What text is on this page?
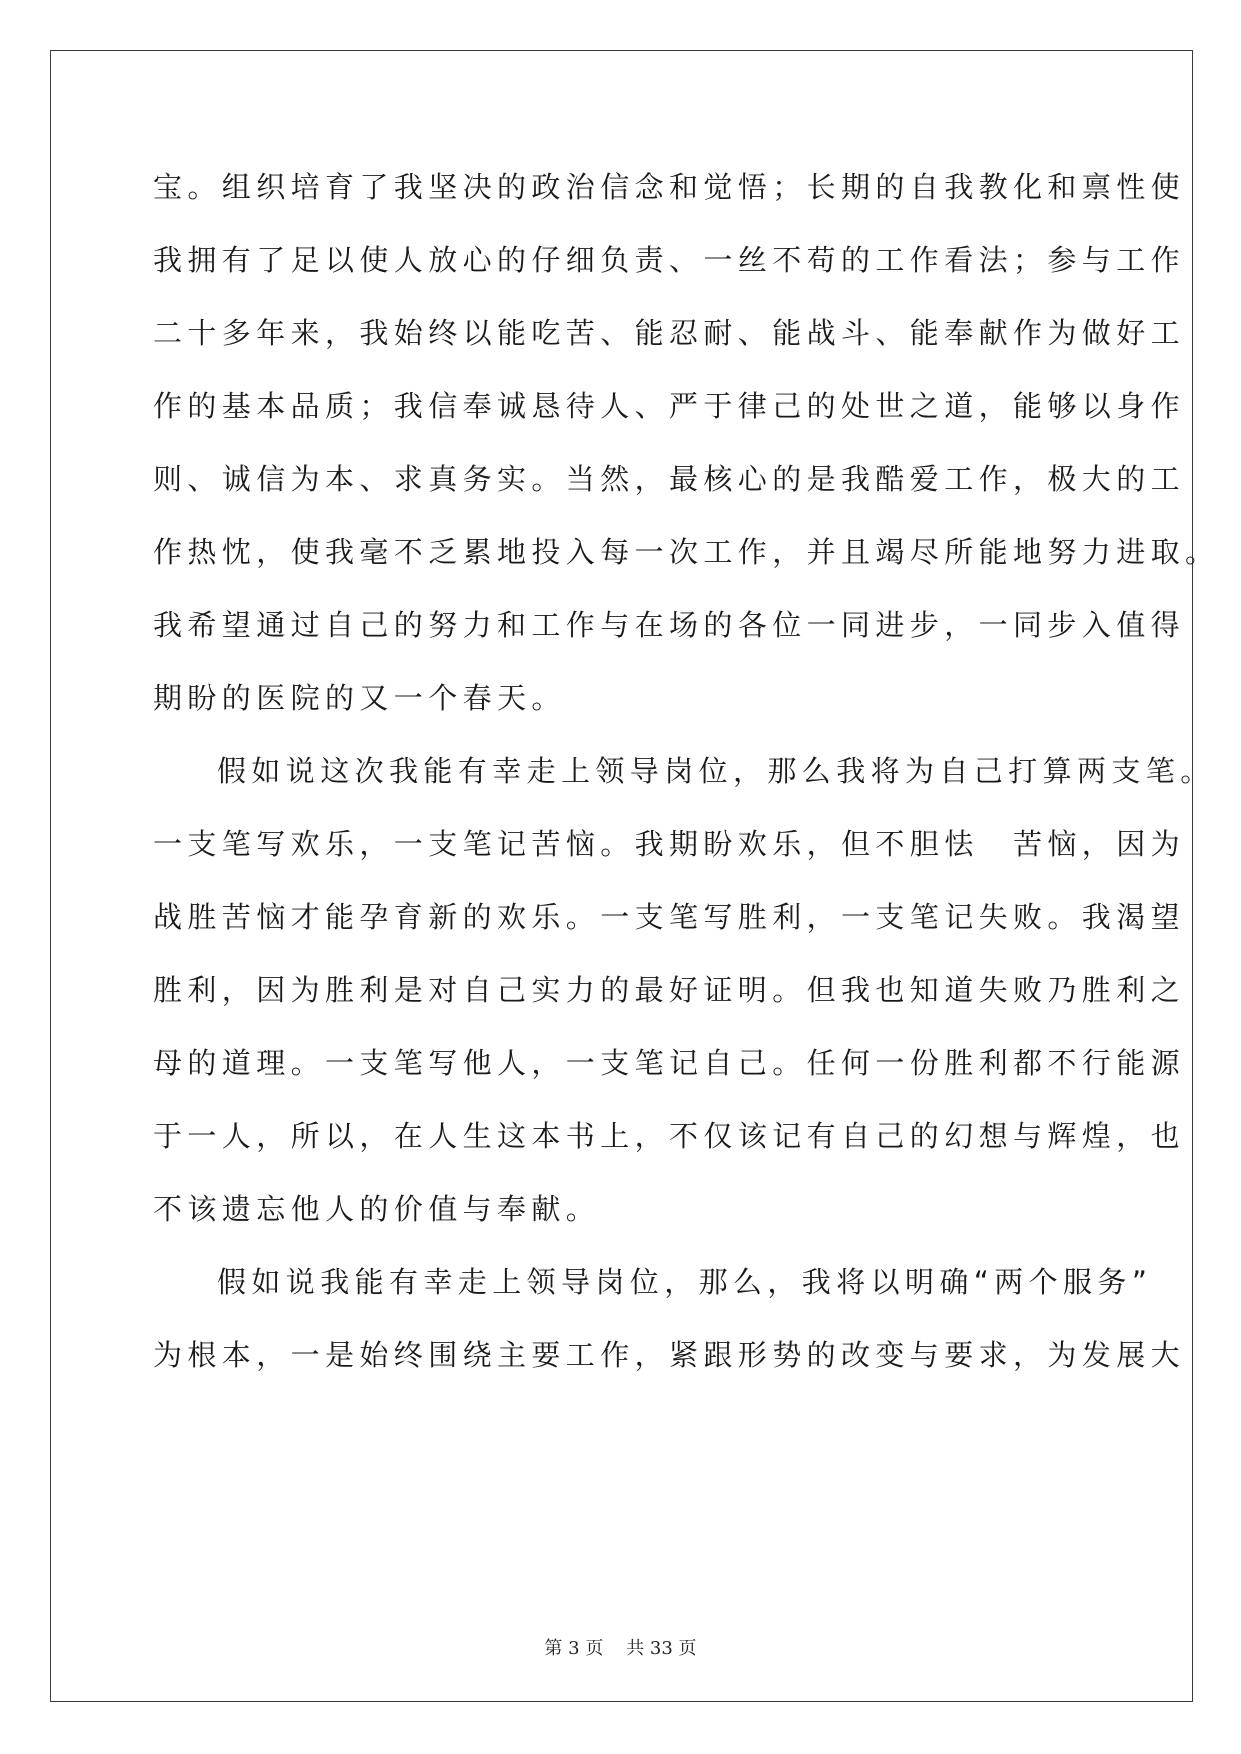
宝。组织培育了我坚决的政治信念和觉悟；长期的自我教化和禀性使
我拥有了足以使人放心的仔细负责、一丝不苟的工作看法；参与工作
二十多年来，我始终以能吃苦、能忍耐、能战斗、能奉献作为做好工
作的基本品质；我信奉诚恳待人、严于律己的处世之道，能够以身作
则、诚信为本、求真务实。当然，最核心的是我酷爱工作，极大的工
作热忱，使我毫不乏累地投入每一次工作，并且竭尽所能地努力进取。
我希望通过自己的努力和工作与在场的各位一同进步，一同步入值得
期盼的医院的又一个春天。
假如说这次我能有幸走上领导岗位，那么我将为自己打算两支笔。
一支笔写欢乐，一支笔记苦恼。我期盼欢乐，但不胆怯　苦恼，因为
战胜苦恼才能孕育新的欢乐。一支笔写胜利，一支笔记失败。我渴望
胜利，因为胜利是对自己实力的最好证明。但我也知道失败乃胜利之
母的道理。一支笔写他人，一支笔记自己。任何一份胜利都不行能源
于一人，所以，在人生这本书上，不仅该记有自己的幻想与辉煌，也
不该遗忘他人的价值与奉献。
假如说我能有幸走上领导岗位，那么，我将以明确“两个服务”
为根本，一是始终围绕主要工作，紧跟形势的改变与要求，为发展大
第 3 页    共 33 页
